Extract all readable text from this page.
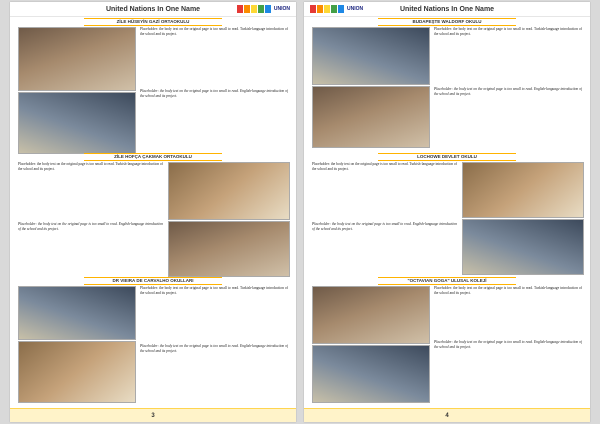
United Nations In One Name	UNION
ZİLE HÜSEYİN GAZİ ORTAOKULU
Placeholder: the body text on the original page is too small to read. Turkish-language introduction of the school and its project.
Placeholder: the body text on the original page is too small to read. English-language introduction of the school and its project.
ZİLE HOFÇA ÇAKMAK ORTAOKULU
Placeholder: the body text on the original page is too small to read. Turkish-language introduction of the school and its project.
Placeholder: the body text on the original page is too small to read. English-language introduction of the school and its project.
DR VIEIRA DE CARVALHO OKULLARI
Placeholder: the body text on the original page is too small to read. Turkish-language introduction of the school and its project.
Placeholder: the body text on the original page is too small to read. English-language introduction of the school and its project.
3
UNION	United Nations In One Name
BUDAPEŞTE WALDORF OKULU
Placeholder: the body text on the original page is too small to read. Turkish-language introduction of the school and its project.
Placeholder: the body text on the original page is too small to read. English-language introduction of the school and its project.
LOCHOWE DEVLET OKULU
Placeholder: the body text on the original page is too small to read. Turkish-language introduction of the school and its project.
Placeholder: the body text on the original page is too small to read. English-language introduction of the school and its project.
"OCTAVIAN GOGA" ULUSAL KOLEJİ
Placeholder: the body text on the original page is too small to read. Turkish-language introduction of the school and its project.
Placeholder: the body text on the original page is too small to read. English-language introduction of the school and its project.
4
